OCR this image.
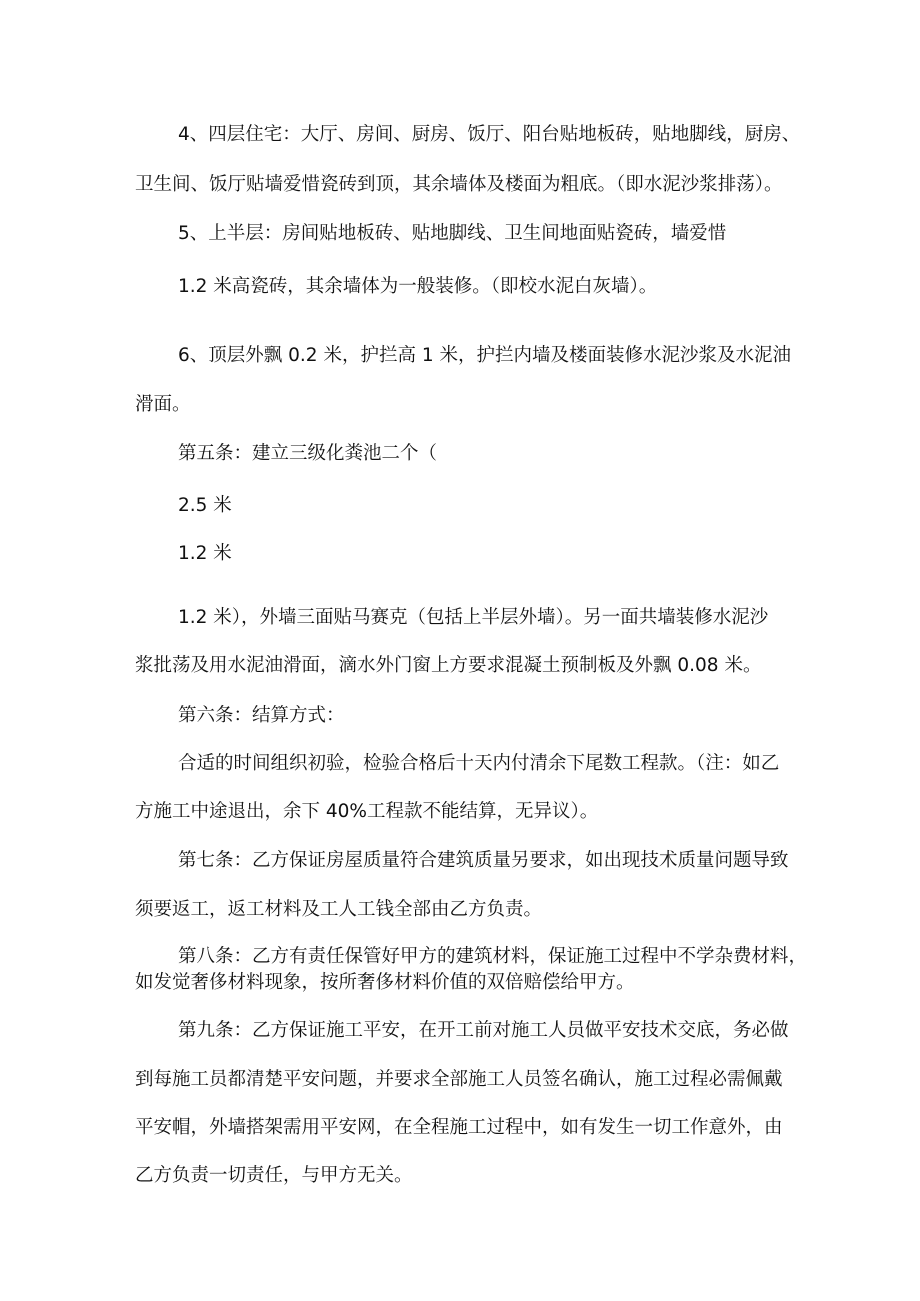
4、四层住宅：大厅、房间、厨房、饭厅、阳台贴地板砖，贴地脚线，厨房、
卫生间、饭厅贴墙爱惜瓷砖到顶，其余墙体及楼面为粗底。（即水泥沙浆排荡）。
5、上半层：房间贴地板砖、贴地脚线、卫生间地面贴瓷砖，墙爱惜
1.2 米高瓷砖，其余墙体为一般装修。（即校水泥白灰墙）。
6、顶层外飘 0.2 米，护拦高 1 米，护拦内墙及楼面装修水泥沙浆及水泥油
滑面。
第五条：建立三级化粪池二个（
2.5 米
1.2 米
1.2 米），外墙三面贴马赛克（包括上半层外墙）。另一面共墙装修水泥沙
浆批荡及用水泥油滑面，滴水外门窗上方要求混凝土预制板及外飘 0.08 米。
第六条：结算方式：
合适的时间组织初验，检验合格后十天内付清余下尾数工程款。（注：如乙
方施工中途退出，余下 40%工程款不能结算，无异议）。
第七条：乙方保证房屋质量符合建筑质量另要求，如出现技术质量问题导致
须要返工，返工材料及工人工钱全部由乙方负责。
第八条：乙方有责任保管好甲方的建筑材料，保证施工过程中不学杂费材料，
如发觉奢侈材料现象，按所奢侈材料价值的双倍赔偿给甲方。
第九条：乙方保证施工平安，在开工前对施工人员做平安技术交底，务必做
到每施工员都清楚平安问题，并要求全部施工人员签名确认，施工过程必需佩戴
平安帽，外墙搭架需用平安网，在全程施工过程中，如有发生一切工作意外，由
乙方负责一切责任，与甲方无关。
